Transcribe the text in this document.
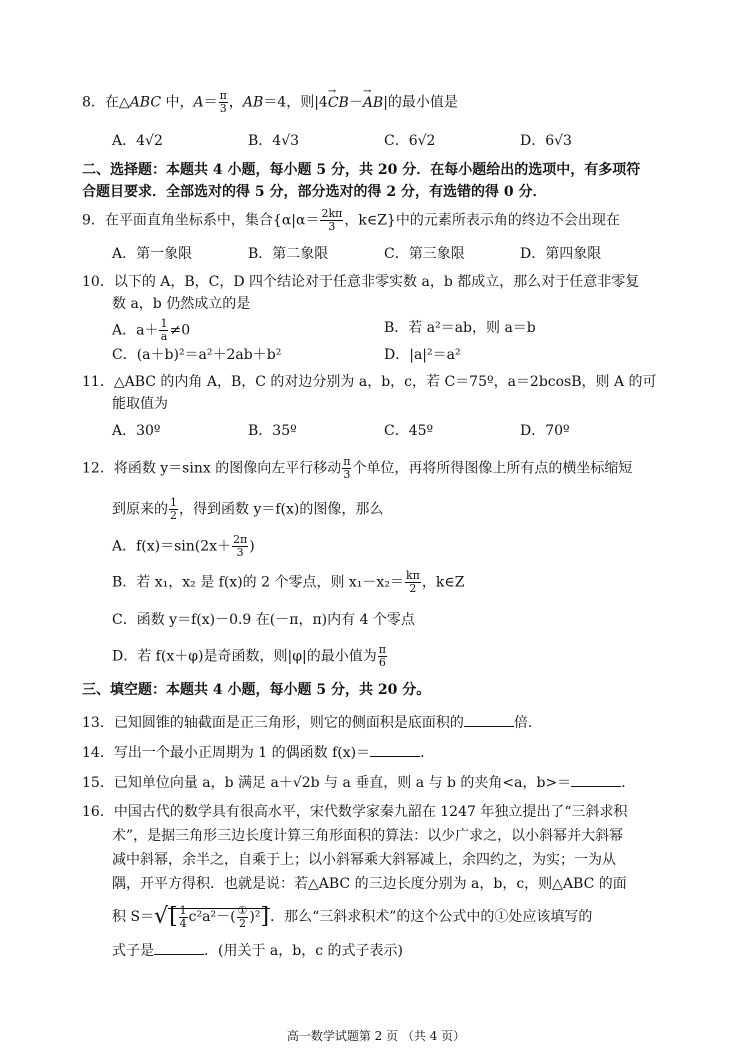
8．在△ABC 中，$A= \frac{\pi}{3}$ ，AB＝4，则|4→ CB－→ AB|的最小值是
A．4√2	B．4√3	C．6√2	D．6√3
二、选择题：本题共 4 小题，每小题 5 分，共 20 分．在每小题给出的选项中，有多项符
合题目要求．全部选对的得 5 分，部分选对的得 2 分，有选错的得 0 分．
9．在平面直角坐标系中，集合{$\alpha|\alpha= \frac{2k\pi}{3}$ ，k∈Z}中的元素所表示角的终边不会出现在
A．第一象限	B．第二象限	C．第三象限	D．第四象限
10．以下的 A，B，C，D 四个结论对于任意非零实数 a，b 都成立，那么对于任意非零复
数 a，b 仍然成立的是
A．$a+ \frac{1}{a} \ne 0$	B．若 a²＝ab，则 a＝b
C．(a＋b)²＝a²＋2ab＋b²	D．|a|²＝a²
11．△ABC 的内角 A，B，C 的对边分别为 a，b，c，若 C＝75º，a＝2bcosB，则 A 的可
能取值为
A．30º	B．35º	C．45º	D．70º
12．将函数 y＝sinx 的图像向左平行移动 $\frac{\pi}{3}$ 个单位，再将所得图像上所有点的横坐标缩短
到原来的 $\frac{1}{2}$ ，得到函数 y＝f(x)的图像，那么
A．$f(x)=\sin(2x+ \frac{2\pi}{3}$ )
B．若 x₁，x₂ 是 f(x)的 2 个零点，则 $x_1-x_2= \frac{k\pi}{2}$ ，k∈Z
C．函数 y＝f(x)－0.9 在(－π，π)内有 4 个零点
D．若 f(x＋φ)是奇函数，则|φ|的最小值为 $\frac{\pi}{6}$
三、填空题：本题共 4 小题，每小题 5 分，共 20 分。
13．已知圆锥的轴截面是正三角形，则它的侧面积是底面积的	倍．
14．写出一个最小正周期为 1 的偶函数 f(x)＝	．
15．已知单位向量 a，b 满足 a＋√2b 与 a 垂直，则 a 与 b 的夹角<a，b>＝	．
16．中国古代的数学具有很高水平，宋代数学家秦九韶在 1247 年独立提出了“三斜求积
术”，是据三角形三边长度计算三角形面积的算法：以少广求之，以小斜幂并大斜幂
减中斜幂，余半之，自乘于上；以小斜幂乘大斜幂减上，余四约之，为实；一为从
隅，开平方得积．也就是说：若△ABC 的三边长度分别为 a，b，c，则△ABC 的面
积 $S=√[ \frac{1}{4} c^2a^2-( \frac{\text{①}}{2} )^2]$．那么“三斜求积术”的这个公式中的①处应该填写的
式子是	．(用关于 a，b，c 的式子表示)
高一数学试题第 2 页 （共 4 页）
